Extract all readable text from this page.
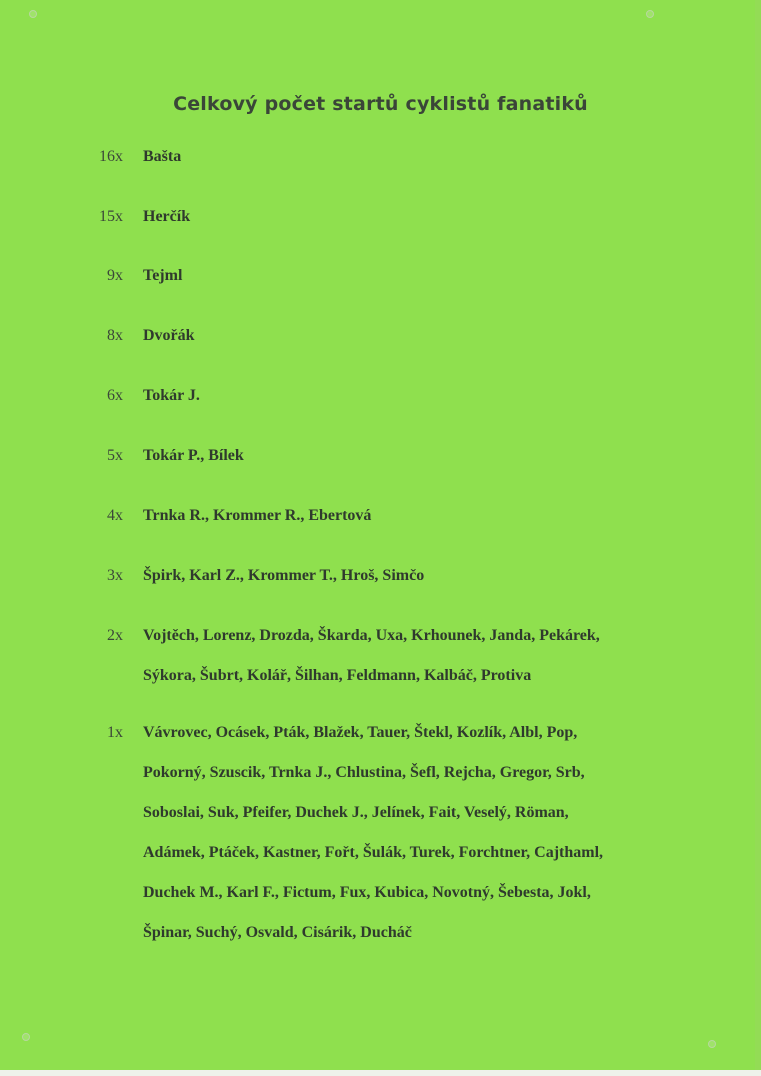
Celkový počet startů cyklistů fanatiků
16x Bašta
15x Herčík
9x Tejml
8x Dvořák
6x Tokár J.
5x Tokár P., Bílek
4x Trnka R., Krommer R., Ebertová
3x Špirk, Karl Z., Krommer T., Hroš, Simčo
2x Vojtěch, Lorenz, Drozda, Škarda, Uxa, Krhounek, Janda, Pekárek,
Sýkora, Šubrt, Kolář, Šilhan, Feldmann, Kalbáč, Protiva
1x Vávrovec, Ocásek, Pták, Blažek, Tauer, Štekl, Kozlík, Albl, Pop,
Pokorný, Szuscik, Trnka J., Chlustina, Šefl, Rejcha, Gregor, Srb,
Soboslai, Suk, Pfeifer, Duchek J., Jelínek, Fait, Veselý, Röman,
Adámek, Ptáček, Kastner, Fořt, Šulák, Turek, Forchtner, Cajthaml,
Duchek M., Karl F., Fictum, Fux, Kubica, Novotný, Šebesta, Jokl,
Špinar, Suchý, Osvald, Cisárik, Ducháč
